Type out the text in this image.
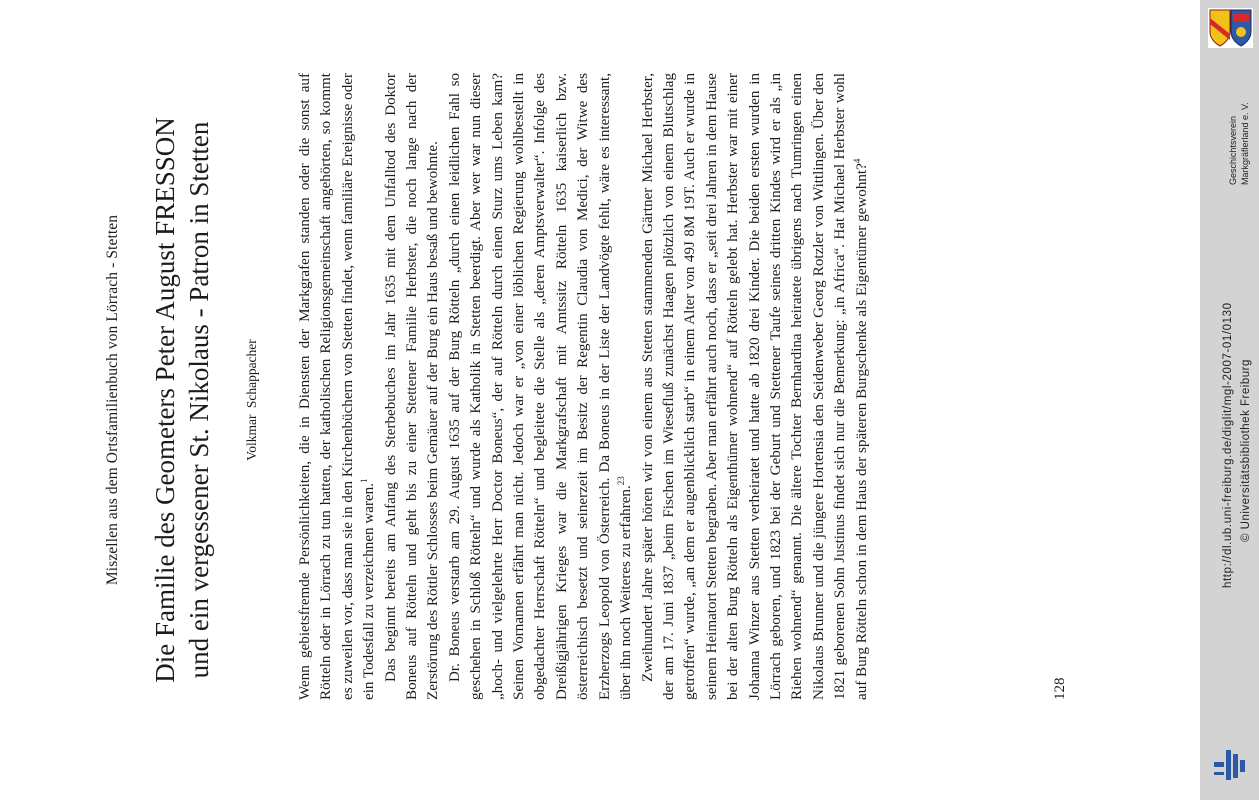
Miszellen aus dem Ortsfamilienbuch von Lörrach - Stetten Die Familie des Geometers Peter August FRESSON und ein vergessener St. Nikolaus - Patron in Stetten Volkmar Schappacher	Wenn gebietsfremde Persönlichkeiten, die in Diensten der Markgrafen standen oder die sonst auf Rötteln oder in Lörrach zu tun hatten, der katholischen Religionsgemeinschaft angehörten, so kommt es zuweilen vor, dass man sie in den Kirchenbüchern von Stetten findet, wenn familiäre Ereignisse oder ein Todesfall zu verzeichnen waren.$^1$ Das beginnt bereits am Anfang des Sterbebuches im Jahr 1635 mit dem Unfalltod des Doktor Boneus auf Rötteln und geht bis zu einer Stettener Familie Herbster, die noch lange nach der Zerstörung des Röttler Schlosses beim Gemäuer auf der Burg ein Haus besaß und bewohnte. Dr. Boneus verstarb am 29. August 1635 auf der Burg Rötteln „durch einen leidlichen Fahl so geschehen in Schloß Rötteln“ und wurde als Katholik in Stetten beerdigt. Aber wer war nun dieser „hoch- und vielgelehrte Herr Doctor Boneus“, der auf Rötteln durch einen Sturz ums Leben kam? Seinen Vornamen erfährt man nicht. Jedoch war er „von einer löblichen Regierung wohlbestellt in obgedachter Herrschaft Rötteln“ und begleitete die Stelle als „deren Amptsverwalter“. Infolge des Dreißigjährigen Krieges war die Markgrafschaft mit Amtssitz Rötteln 1635 kaiserlich bzw. österreichisch besetzt und seinerzeit im Besitz der Regentin Claudia von Medici, der Witwe des Erzherzogs Leopold von Österreich. Da Boneus in der Liste der Landvögte fehlt, wäre es interessant, über ihn noch Weiteres zu erfahren.$^{23}$ Zweihundert Jahre später hören wir von einem aus Stetten stammenden Gärtner Michael Herbster, der am 17. Juni 1837 „beim Fischen im Wiesefluß zunächst Haagen plötzlich von einem Blutschlag getroffen“ wurde, „an dem er augenblicklich starb“ in einem Alter von 49J 8M 19T. Auch er wurde in seinem Heimatort Stetten begraben. Aber man erfährt auch noch, dass er „seit drei Jahren in dem Hause bei der alten Burg Rötteln als Eigenthümer wohnend“ auf Rötteln gelebt hat. Herbster war mit einer Johanna Winzer aus Stetten verheiratet und hatte ab 1820 drei Kinder. Die beiden ersten wurden in Lörrach geboren, und 1823 bei der Geburt und Stettener Taufe seines dritten Kindes wird er als „in Riehen wohnend“ genannt. Die ältere Tochter Bernhardina heiratete übrigens nach Tumringen einen Nikolaus Brunner und die jüngere Hortensia den Seidenweber Georg Rotzler von Wittlingen. Über den 1821 geborenen Sohn Justinus findet sich nur die Bemerkung: „in Africa“. Hat Michael Herbster wohl auf Burg Rötteln schon in dem Haus der späteren Burgschenke als Eigentümer gewohnt?$^4$

128
Geschichtsverein Markgräflerland e. V.
http://dl.ub.uni-freiburg.de/diglit/mgl-2007-01/0130 © Universitätsbibliothek Freiburg
